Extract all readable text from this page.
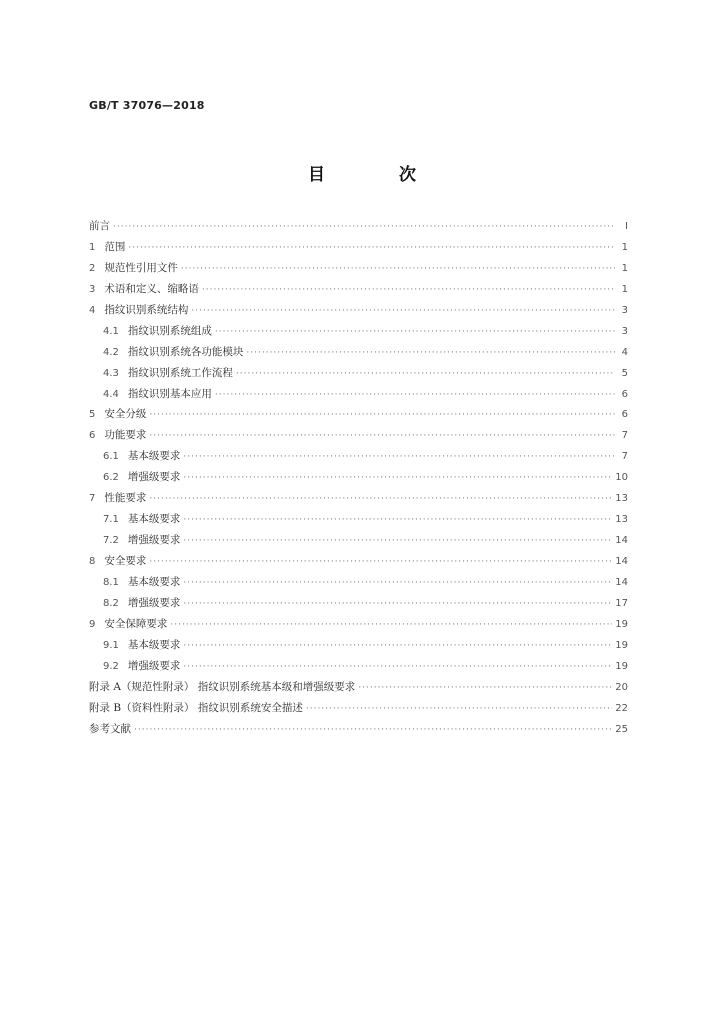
GB/T 37076—2018
目 次
前言 ·····	Ⅰ
1 范围 ·····	1
2 规范性引用文件 ·····	1
3 术语和定义、缩略语 ·····	1
4 指纹识别系统结构 ·····	3
4.1 指纹识别系统组成 ·····	3
4.2 指纹识别系统各功能模块 ·····	4
4.3 指纹识别系统工作流程 ·····	5
4.4 指纹识别基本应用 ·····	6
5 安全分级 ·····	6
6 功能要求 ·····	7
6.1 基本级要求 ·····	7
6.2 增强级要求 ·····	10
7 性能要求 ·····	13
7.1 基本级要求 ·····	13
7.2 增强级要求 ·····	14
8 安全要求 ·····	14
8.1 基本级要求 ·····	14
8.2 增强级要求 ·····	17
9 安全保障要求 ·····	19
9.1 基本级要求 ·····	19
9.2 增强级要求 ·····	19
附录 A（规范性附录） 指纹识别系统基本级和增强级要求 ·····	20
附录 B（资料性附录） 指纹识别系统安全描述 ·····	22
参考文献 ·····	25
